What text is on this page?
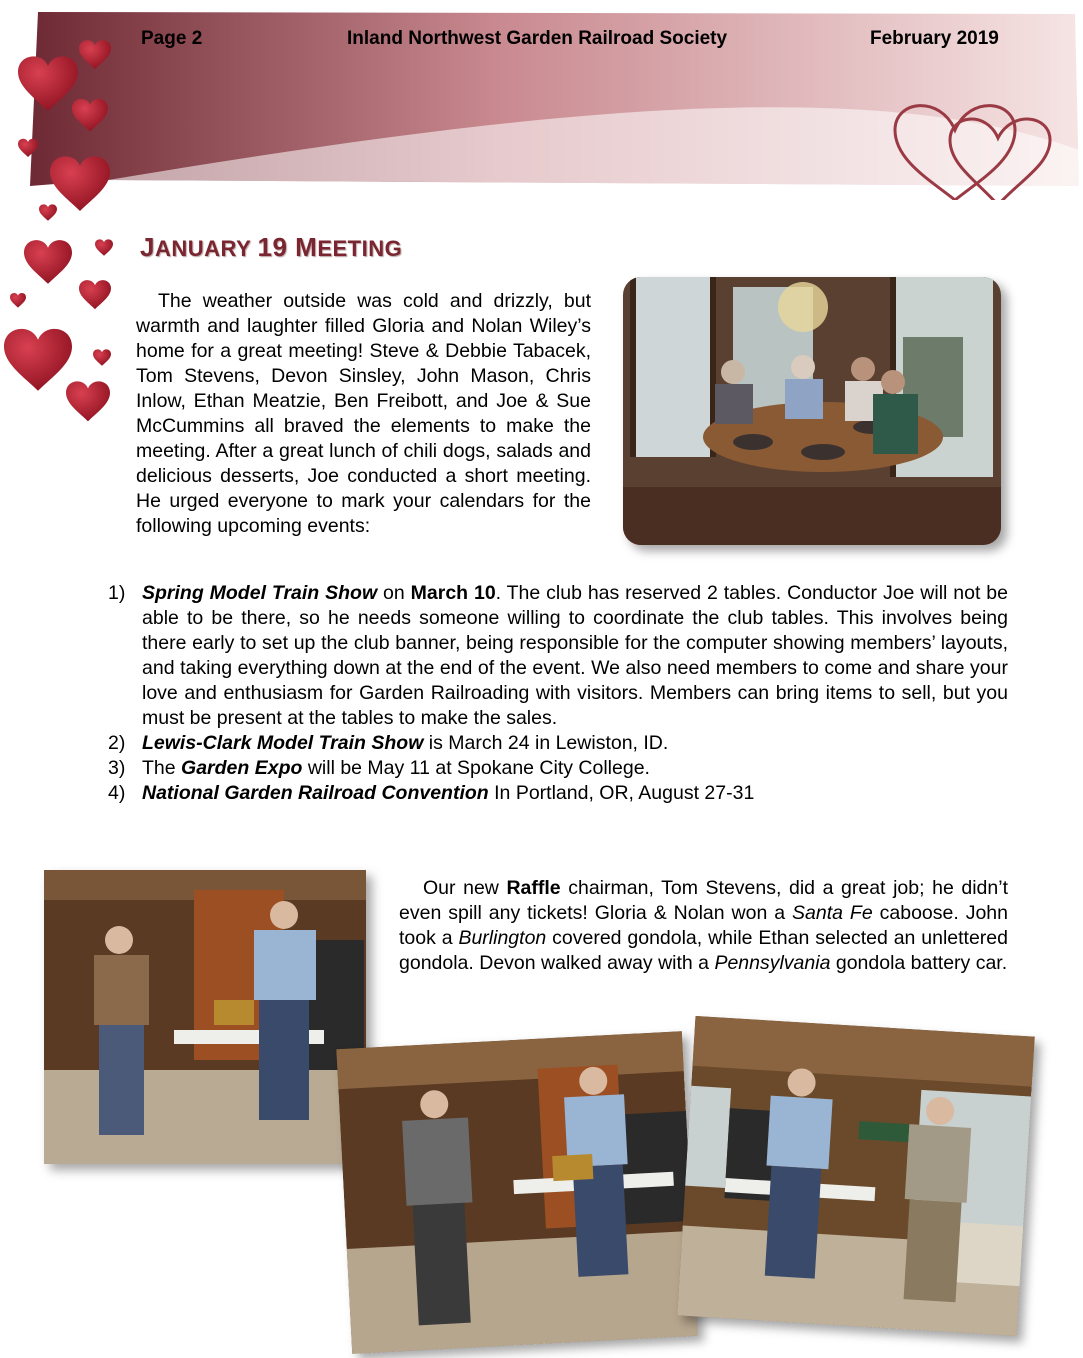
Page 2	Inland Northwest Garden Railroad Society	February 2019
JANUARY 19 MEETING
The weather outside was cold and drizzly, but warmth and laughter filled Gloria and Nolan Wiley’s home for a great meeting! Steve & Debbie Tabacek, Tom Stevens, Devon Sinsley, John Mason, Chris Inlow, Ethan Meatzie, Ben Freibott, and Joe & Sue McCummins all braved the elements to make the meeting. After a great lunch of chili dogs, salads and delicious desserts, Joe conducted a short meeting. He urged everyone to mark your calendars for the following upcoming events:
1) Spring Model Train Show on March 10. The club has reserved 2 tables. Conductor Joe will not be able to be there, so he needs someone willing to coordinate the club tables. This involves being there early to set up the club banner, being responsible for the computer showing members’ layouts, and taking everything down at the end of the event. We also need members to come and share your love and enthusiasm for Garden Railroading with visitors. Members can bring items to sell, but you must be present at the tables to make the sales.
2) Lewis-Clark Model Train Show is March 24 in Lewiston, ID.
3) The Garden Expo will be May 11 at Spokane City College.
4) National Garden Railroad Convention In Portland, OR, August 27-31
Our new Raffle chairman, Tom Stevens, did a great job; he didn’t even spill any tickets! Gloria & Nolan won a Santa Fe caboose. John took a Burlington covered gondola, while Ethan selected an unlettered gondola. Devon walked away with a Pennsylvania gondola battery car.
